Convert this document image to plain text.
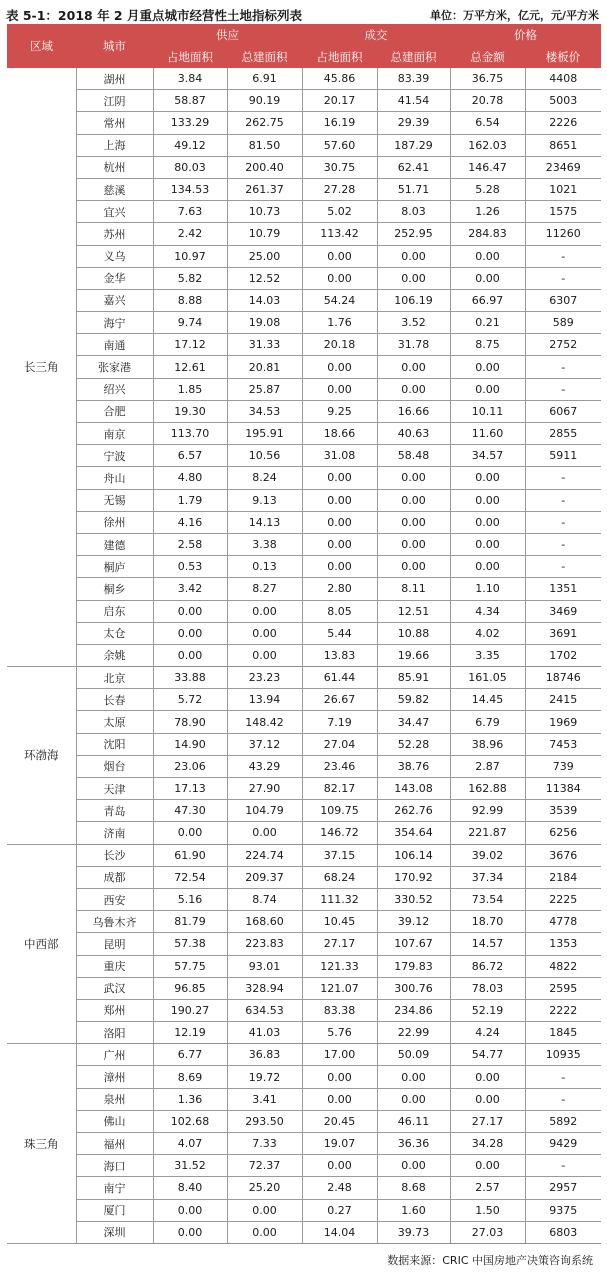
表 5-1：2018 年 2 月重点城市经营性土地指标列表	单位：万平方米，亿元，元/平方米
区域	城市	供应		成交		价格	
		占地面积	总建面积	占地面积	总建面积	总金额	楼板价
长三角	湖州	3.84	6.91	45.86	83.39	36.75	4408
	江阴	58.87	90.19	20.17	41.54	20.78	5003
	常州	133.29	262.75	16.19	29.39	6.54	2226
	上海	49.12	81.50	57.60	187.29	162.03	8651
	杭州	80.03	200.40	30.75	62.41	146.47	23469
	慈溪	134.53	261.37	27.28	51.71	5.28	1021
	宜兴	7.63	10.73	5.02	8.03	1.26	1575
	苏州	2.42	10.79	113.42	252.95	284.83	11260
	义乌	10.97	25.00	0.00	0.00	0.00	-
	金华	5.82	12.52	0.00	0.00	0.00	-
	嘉兴	8.88	14.03	54.24	106.19	66.97	6307
	海宁	9.74	19.08	1.76	3.52	0.21	589
	南通	17.12	31.33	20.18	31.78	8.75	2752
	张家港	12.61	20.81	0.00	0.00	0.00	-
	绍兴	1.85	25.87	0.00	0.00	0.00	-
	合肥	19.30	34.53	9.25	16.66	10.11	6067
	南京	113.70	195.91	18.66	40.63	11.60	2855
	宁波	6.57	10.56	31.08	58.48	34.57	5911
	舟山	4.80	8.24	0.00	0.00	0.00	-
	无锡	1.79	9.13	0.00	0.00	0.00	-
	徐州	4.16	14.13	0.00	0.00	0.00	-
	建德	2.58	3.38	0.00	0.00	0.00	-
	桐庐	0.53	0.13	0.00	0.00	0.00	-
	桐乡	3.42	8.27	2.80	8.11	1.10	1351
	启东	0.00	0.00	8.05	12.51	4.34	3469
	太仓	0.00	0.00	5.44	10.88	4.02	3691
	余姚	0.00	0.00	13.83	19.66	3.35	1702
环渤海	北京	33.88	23.23	61.44	85.91	161.05	18746
	长春	5.72	13.94	26.67	59.82	14.45	2415
	太原	78.90	148.42	7.19	34.47	6.79	1969
	沈阳	14.90	37.12	27.04	52.28	38.96	7453
	烟台	23.06	43.29	23.46	38.76	2.87	739
	天津	17.13	27.90	82.17	143.08	162.88	11384
	青岛	47.30	104.79	109.75	262.76	92.99	3539
	济南	0.00	0.00	146.72	354.64	221.87	6256
中西部	长沙	61.90	224.74	37.15	106.14	39.02	3676
	成都	72.54	209.37	68.24	170.92	37.34	2184
	西安	5.16	8.74	111.32	330.52	73.54	2225
	乌鲁木齐	81.79	168.60	10.45	39.12	18.70	4778
	昆明	57.38	223.83	27.17	107.67	14.57	1353
	重庆	57.75	93.01	121.33	179.83	86.72	4822
	武汉	96.85	328.94	121.07	300.76	78.03	2595
	郑州	190.27	634.53	83.38	234.86	52.19	2222
	洛阳	12.19	41.03	5.76	22.99	4.24	1845
珠三角	广州	6.77	36.83	17.00	50.09	54.77	10935
	漳州	8.69	19.72	0.00	0.00	0.00	-
	泉州	1.36	3.41	0.00	0.00	0.00	-
	佛山	102.68	293.50	20.45	46.11	27.17	5892
	福州	4.07	7.33	19.07	36.36	34.28	9429
	海口	31.52	72.37	0.00	0.00	0.00	-
	南宁	8.40	25.20	2.48	8.68	2.57	2957
	厦门	0.00	0.00	0.27	1.60	1.50	9375
	深圳	0.00	0.00	14.04	39.73	27.03	6803
数据来源：CRIC 中国房地产决策咨询系统
